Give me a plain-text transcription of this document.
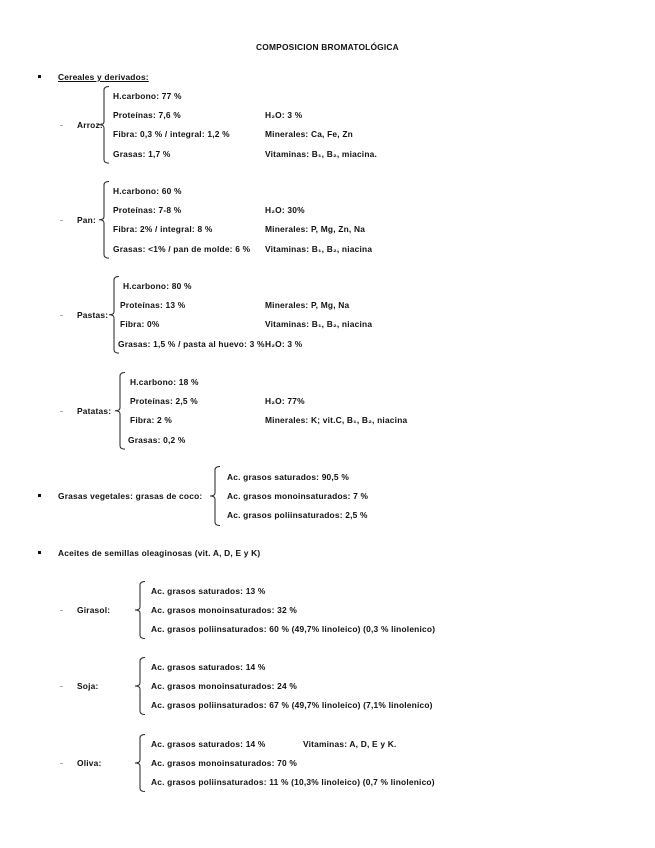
COMPOSICION BROMATOLÓGICA
Cereales y derivados:
Arroz:
H.carbono: 77 %
Proteínas: 7,6 %	H₂O: 3 %
Fibra: 0,3 % / integral: 1,2 %	Minerales: Ca, Fe, Zn
Grasas: 1,7 %	Vitaminas: B₁, B₂, miacina.
Pan:
H.carbono: 60 %
Proteínas: 7-8 %	H₂O: 30%
Fibra: 2% / integral: 8 %	Minerales: P, Mg, Zn, Na
Grasas: <1% / pan de molde: 6 % Vitaminas: B₁, B₂, niacina
Pastas:
H.carbono: 80 %
Proteínas: 13 %	Minerales: P, Mg, Na
Fibra: 0%	Vitaminas: B₁, B₂, niacina
Grasas: 1,5 % / pasta al huevo: 3 % H₂O: 3 %
Patatas:
H.carbono: 18 %
Proteínas: 2,5 %	H₂O: 77%
Fibra: 2 %	Minerales: K; vit.C, B₁, B₂, niacina
Grasas: 0,2 %
Grasas vegetales: grasas de coco:
Ac. grasos saturados: 90,5 %
Ac. grasos monoinsaturados: 7 %
Ac. grasos poliinsaturados: 2,5 %
Aceites de semillas oleaginosas (vit. A, D, E y K)
Girasol:
Ac. grasos saturados: 13 %
Ac. grasos monoinsaturados: 32 %
Ac. grasos poliinsaturados: 60 % (49,7% linoleico) (0,3 % linolenico)
Soja:
Ac. grasos saturados: 14 %
Ac. grasos monoinsaturados: 24 %
Ac. grasos poliinsaturados: 67 % (49,7% linoleico) (7,1% linolenico)
Oliva:
Ac. grasos saturados: 14 %	Vitaminas: A, D, E y K.
Ac. grasos monoinsaturados: 70 %
Ac. grasos poliinsaturados: 11 % (10,3% linoleico) (0,7 % linolenico)
